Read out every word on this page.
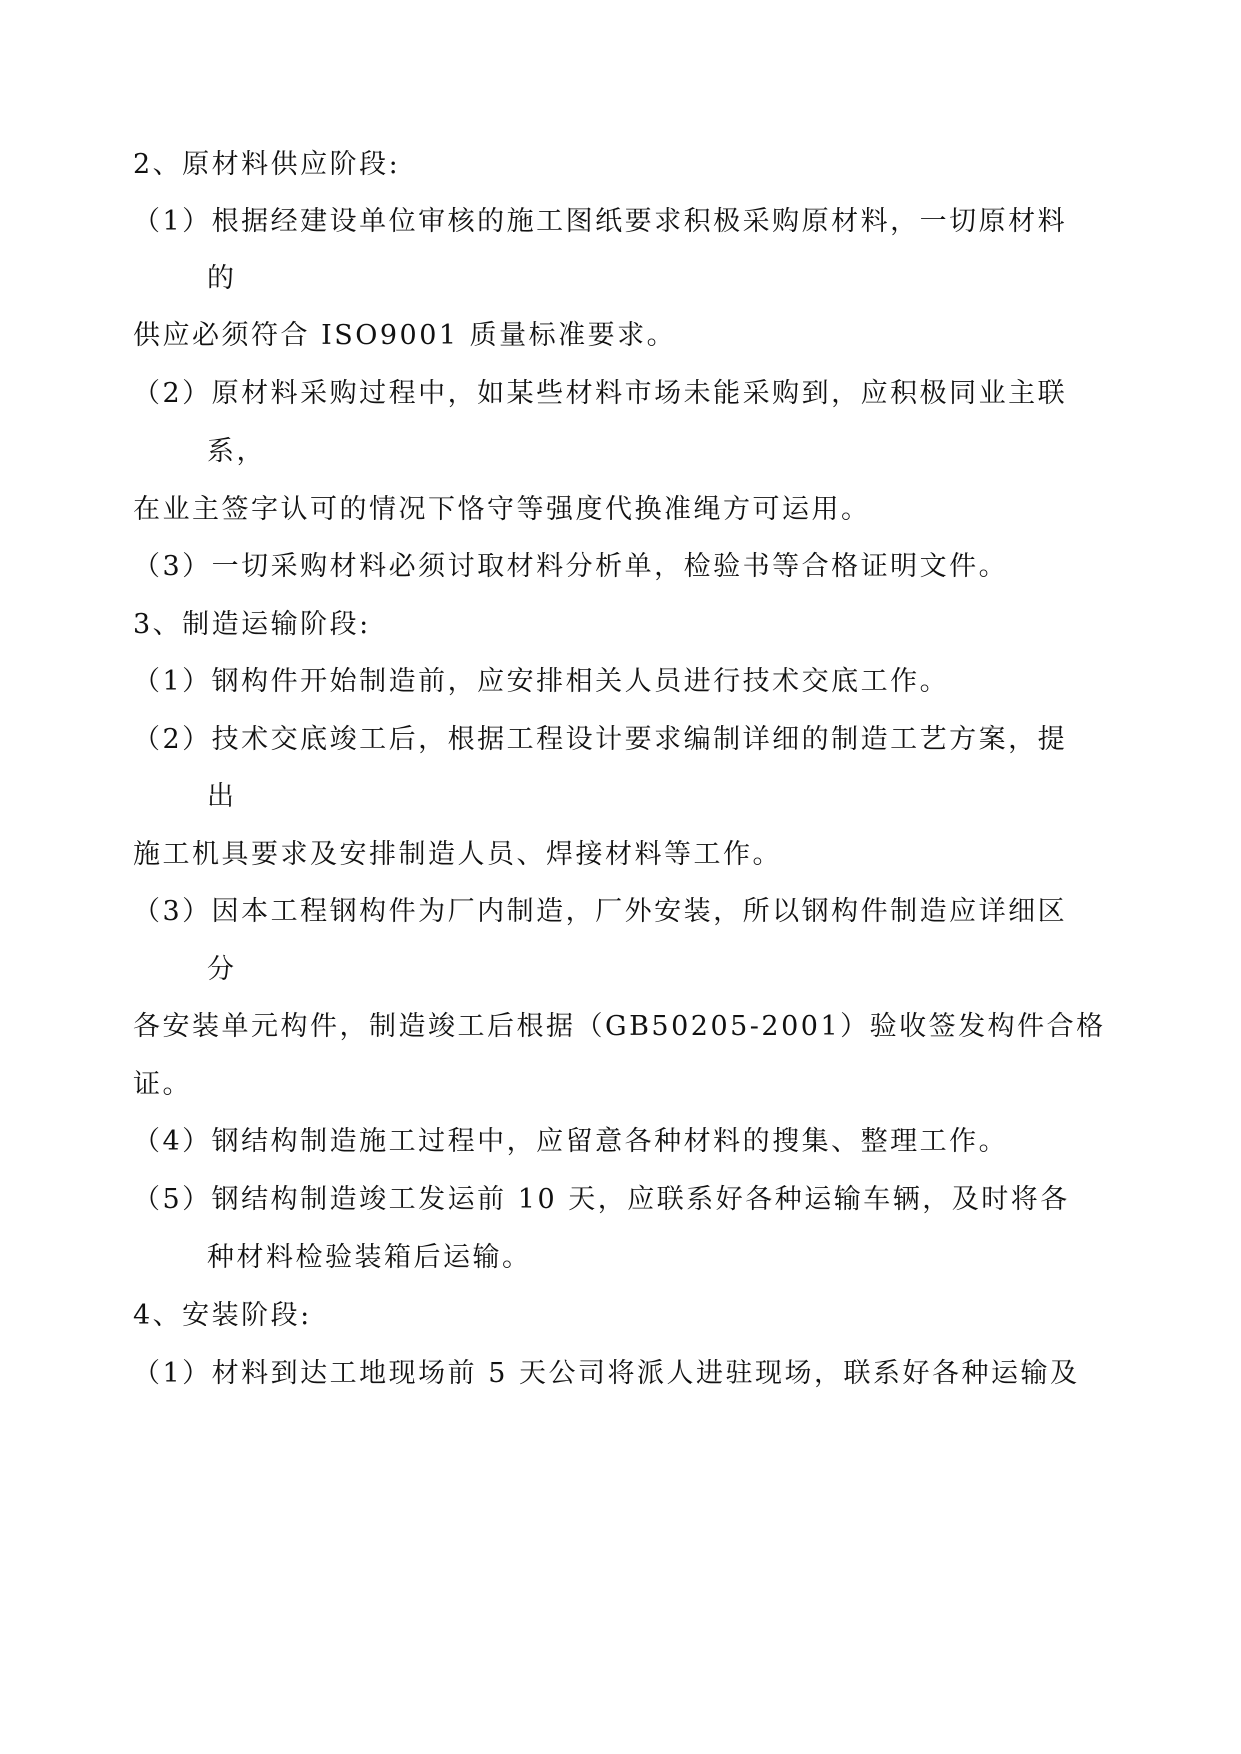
2、原材料供应阶段:
（1）根据经建设单位审核的施工图纸要求积极采购原材料，一切原材料
的
供应必须符合 ISO9001 质量标准要求。
（2）原材料采购过程中，如某些材料市场未能采购到，应积极同业主联
系，
在业主签字认可的情况下恪守等强度代换准绳方可运用。
（3）一切采购材料必须讨取材料分析单，检验书等合格证明文件。
3、制造运输阶段:
（1）钢构件开始制造前，应安排相关人员进行技术交底工作。
（2）技术交底竣工后，根据工程设计要求编制详细的制造工艺方案，提
出
施工机具要求及安排制造人员、焊接材料等工作。
（3）因本工程钢构件为厂内制造，厂外安装，所以钢构件制造应详细区
分
各安装单元构件，制造竣工后根据（GB50205-2001）验收签发构件合格
证。
（4）钢结构制造施工过程中，应留意各种材料的搜集、整理工作。
（5）钢结构制造竣工发运前 10 天，应联系好各种运输车辆，及时将各
种材料检验装箱后运输。
4、安装阶段:
（1）材料到达工地现场前 5 天公司将派人进驻现场，联系好各种运输及
